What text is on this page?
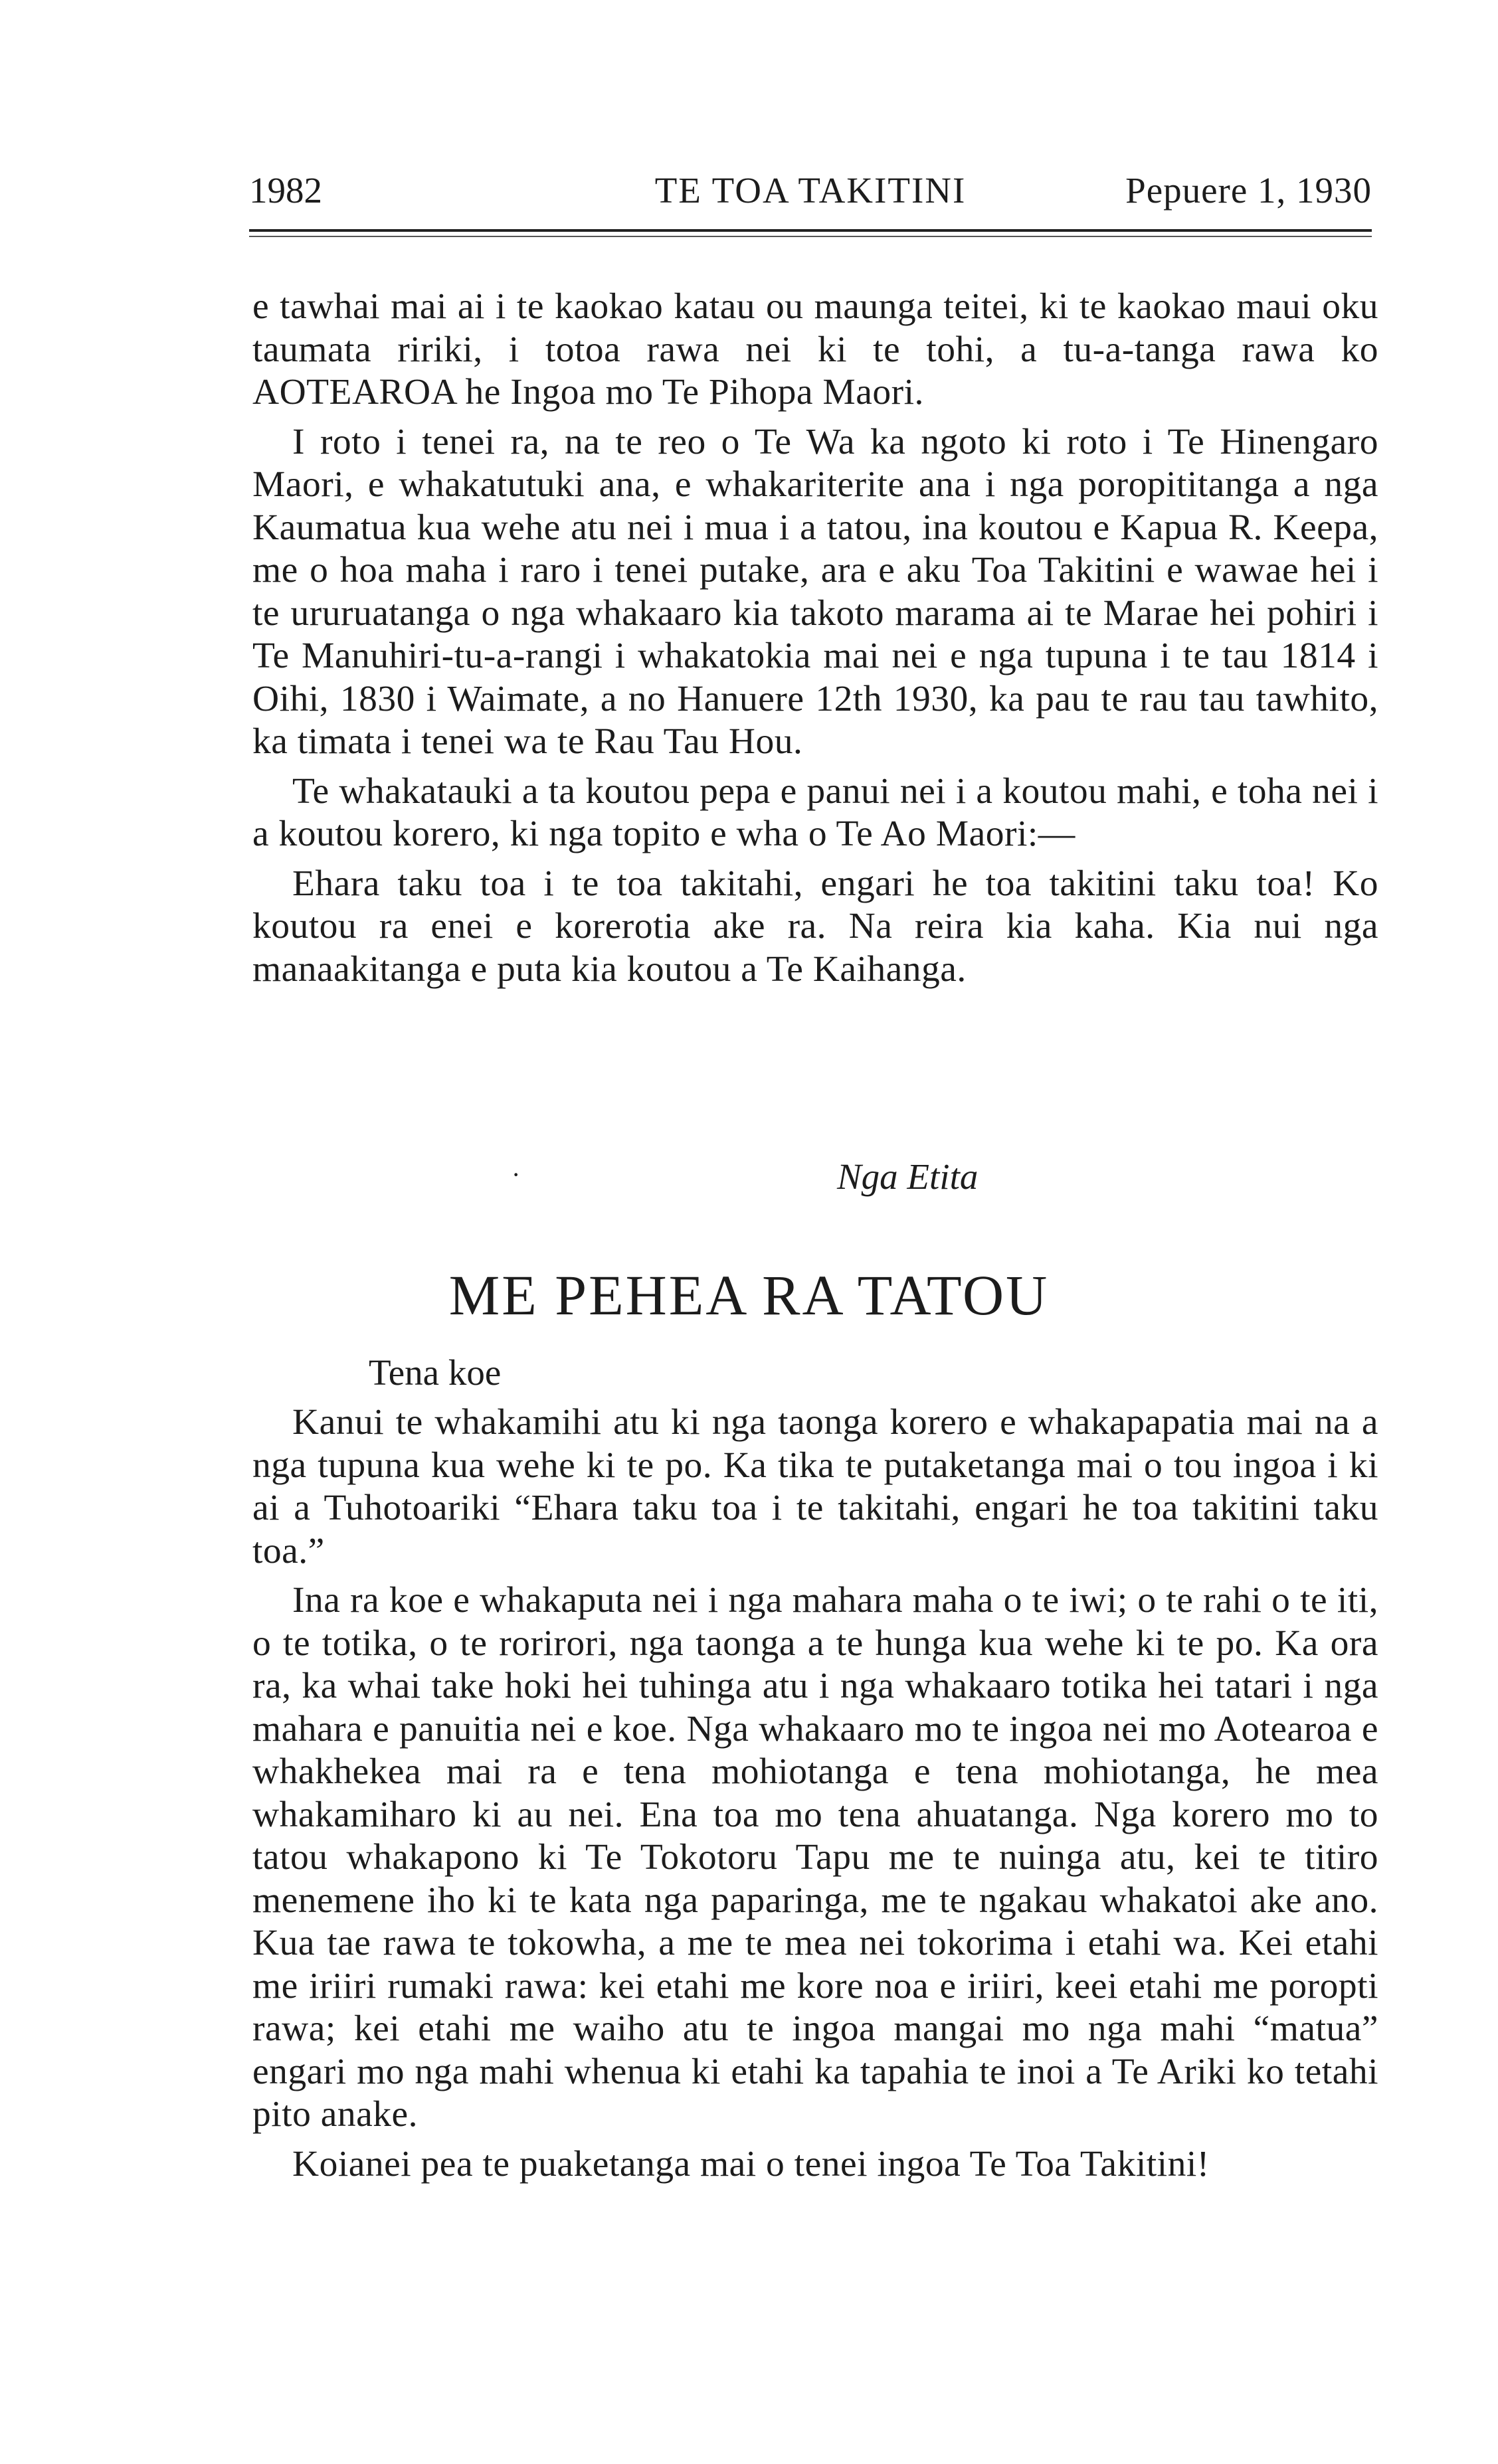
1982	TE TOA TAKITINI	Pepuere 1, 1930

e tawhai mai ai i te kaokao katau ou maunga teitei, ki te kaokao maui oku taumata ririki, i totoa rawa nei ki te tohi, a tu-a-tanga rawa ko AOTEAROA he Ingoa mo Te Pihopa Maori.

I roto i tenei ra, na te reo o Te Wa ka ngoto ki roto i Te Hinengaro Maori, e whakatutuki ana, e whakariterite ana i nga poropititanga a nga Kaumatua kua wehe atu nei i mua i a tatou, ina koutou e Kapua R. Keepa, me o hoa maha i raro i tenei putake, ara e aku Toa Takitini e wawae hei i te ururuatanga o nga whakaaro kia takoto marama ai te Marae hei pohiri i Te Manuhiri-tu-a-rangi i whakatokia mai nei e nga tupuna i te tau 1814 i Oihi, 1830 i Waimate, a no Hanuere 12th 1930, ka pau te rau tau tawhito, ka timata i tenei wa te Rau Tau Hou.

Te whakatauki a ta koutou pepa e panui nei i a koutou mahi, e toha nei i a koutou korero, ki nga topito e wha o Te Ao Maori:—

Ehara taku toa i te toa takitahi, engari he toa takitini taku toa! Ko koutou ra enei e korerotia ake ra. Na reira kia kaha. Kia nui nga manaakitanga e puta kia koutou a Te Kaihanga.

·	Nga Etita
ME PEHEA RA TATOU
Tena koe

Kanui te whakamihi atu ki nga taonga korero e whakapapatia mai na a nga tupuna kua wehe ki te po. Ka tika te putaketanga mai o tou ingoa i ki ai a Tuhotoariki “Ehara taku toa i te takitahi, engari he toa takitini taku toa.”

Ina ra koe e whakaputa nei i nga mahara maha o te iwi; o te rahi o te iti, o te totika, o te rorirori, nga taonga a te hunga kua wehe ki te po. Ka ora ra, ka whai take hoki hei tuhinga atu i nga whakaaro totika hei tatari i nga mahara e panuitia nei e koe. Nga whakaaro mo te ingoa nei mo Aotearoa e whakhekea mai ra e tena mohiotanga e tena mohiotanga, he mea whakamiharo ki au nei. Ena toa mo tena ahuatanga. Nga korero mo to tatou whakapono ki Te Tokotoru Tapu me te nuinga atu, kei te titiro menemene iho ki te kata nga paparinga, me te ngakau whakatoi ake ano. Kua tae rawa te tokowha, a me te mea nei tokorima i etahi wa. Kei etahi me iriiri rumaki rawa: kei etahi me kore noa e iriiri, keei etahi me poropti rawa; kei etahi me waiho atu te ingoa mangai mo nga mahi “matua” engari mo nga mahi whenua ki etahi ka tapahia te inoi a Te Ariki ko tetahi pito anake.

Koianei pea te puaketanga mai o tenei ingoa Te Toa Takitini!
